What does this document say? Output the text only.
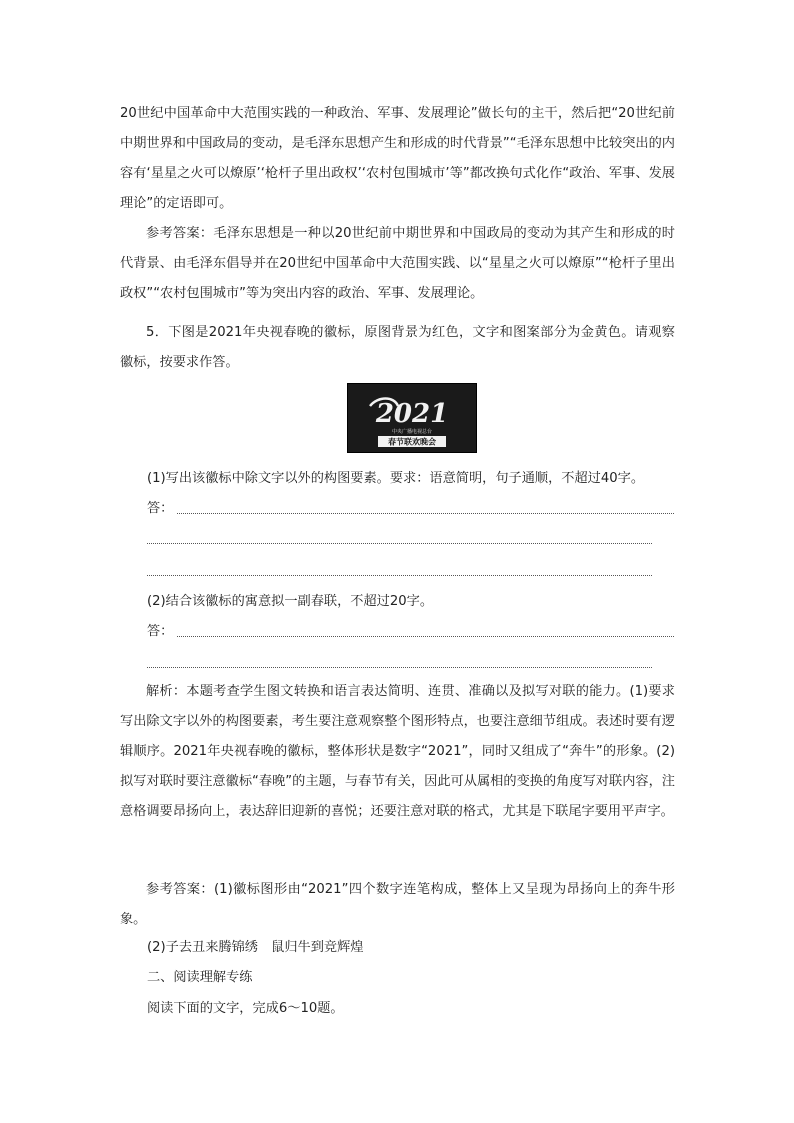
20世纪中国革命中大范围实践的一种政治、军事、发展理论”做长句的主干，然后把“20世纪前中期世界和中国政局的变动，是毛泽东思想产生和形成的时代背景”“毛泽东思想中比较突出的内容有‘星星之火可以燎原’‘枪杆子里出政权’‘农村包围城市’等”都改换句式化作“政治、军事、发展理论”的定语即可。

参考答案：毛泽东思想是一种以20世纪前中期世界和中国政局的变动为其产生和形成的时代背景、由毛泽东倡导并在20世纪中国革命中大范围实践、以“星星之火可以燎原”“枪杆子里出政权”“农村包围城市”等为突出内容的政治、军事、发展理论。

5．下图是2021年央视春晚的徽标，原图背景为红色，文字和图案部分为金黄色。请观察徽标，按要求作答。

2021
中央广播电视总台
春节联欢晚会

(1)写出该徽标中除文字以外的构图要素。要求：语意简明，句子通顺，不超过40字。

答：

(2)结合该徽标的寓意拟一副春联，不超过20字。

答：

解析：本题考查学生图文转换和语言表达简明、连贯、准确以及拟写对联的能力。(1)要求写出除文字以外的构图要素，考生要注意观察整个图形特点，也要注意细节组成。表述时要有逻辑顺序。2021年央视春晚的徽标，整体形状是数字“2021”，同时又组成了“奔牛”的形象。(2)拟写对联时要注意徽标“春晚”的主题，与春节有关，因此可从属相的变换的角度写对联内容，注意格调要昂扬向上，表达辞旧迎新的喜悦；还要注意对联的格式，尤其是下联尾字要用平声字。

参考答案：(1)徽标图形由“2021”四个数字连笔构成，整体上又呈现为昂扬向上的奔牛形象。

(2)子去丑来腾锦绣　鼠归牛到竞辉煌

二、阅读理解专练

阅读下面的文字，完成6～10题。
